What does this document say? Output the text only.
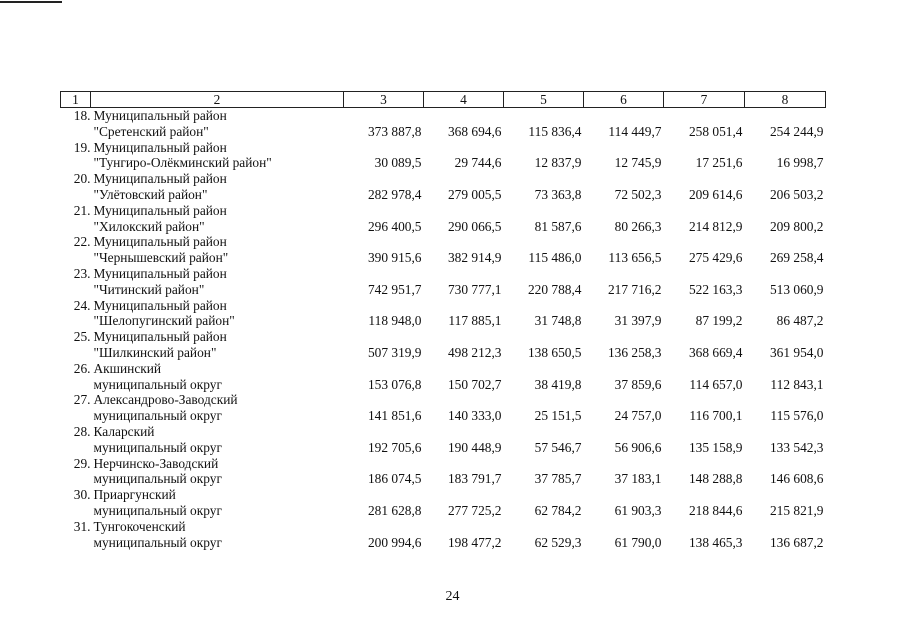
1	2	3	4	5	6	7	8
18.	Муниципальный район
"Сретенский район"	373 887,8	368 694,6	115 836,4	114 449,7	258 051,4	254 244,9
19.	Муниципальный район
"Тунгиро-Олёкминский район"	30 089,5	29 744,6	12 837,9	12 745,9	17 251,6	16 998,7
20.	Муниципальный район
"Улётовский район"	282 978,4	279 005,5	73 363,8	72 502,3	209 614,6	206 503,2
21.	Муниципальный район
"Хилокский район"	296 400,5	290 066,5	81 587,6	80 266,3	214 812,9	209 800,2
22.	Муниципальный район
"Чернышевский район"	390 915,6	382 914,9	115 486,0	113 656,5	275 429,6	269 258,4
23.	Муниципальный район
"Читинский район"	742 951,7	730 777,1	220 788,4	217 716,2	522 163,3	513 060,9
24.	Муниципальный район
"Шелопугинский район"	118 948,0	117 885,1	31 748,8	31 397,9	87 199,2	86 487,2
25.	Муниципальный район
"Шилкинский район"	507 319,9	498 212,3	138 650,5	136 258,3	368 669,4	361 954,0
26.	Акшинский
муниципальный округ	153 076,8	150 702,7	38 419,8	37 859,6	114 657,0	112 843,1
27.	Александрово-Заводский
муниципальный округ	141 851,6	140 333,0	25 151,5	24 757,0	116 700,1	115 576,0
28.	Каларский
муниципальный округ	192 705,6	190 448,9	57 546,7	56 906,6	135 158,9	133 542,3
29.	Нерчинско-Заводский
муниципальный округ	186 074,5	183 791,7	37 785,7	37 183,1	148 288,8	146 608,6
30.	Приаргунский
муниципальный округ	281 628,8	277 725,2	62 784,2	61 903,3	218 844,6	215 821,9
31.	Тунгокоченский
муниципальный округ	200 994,6	198 477,2	62 529,3	61 790,0	138 465,3	136 687,2
24
